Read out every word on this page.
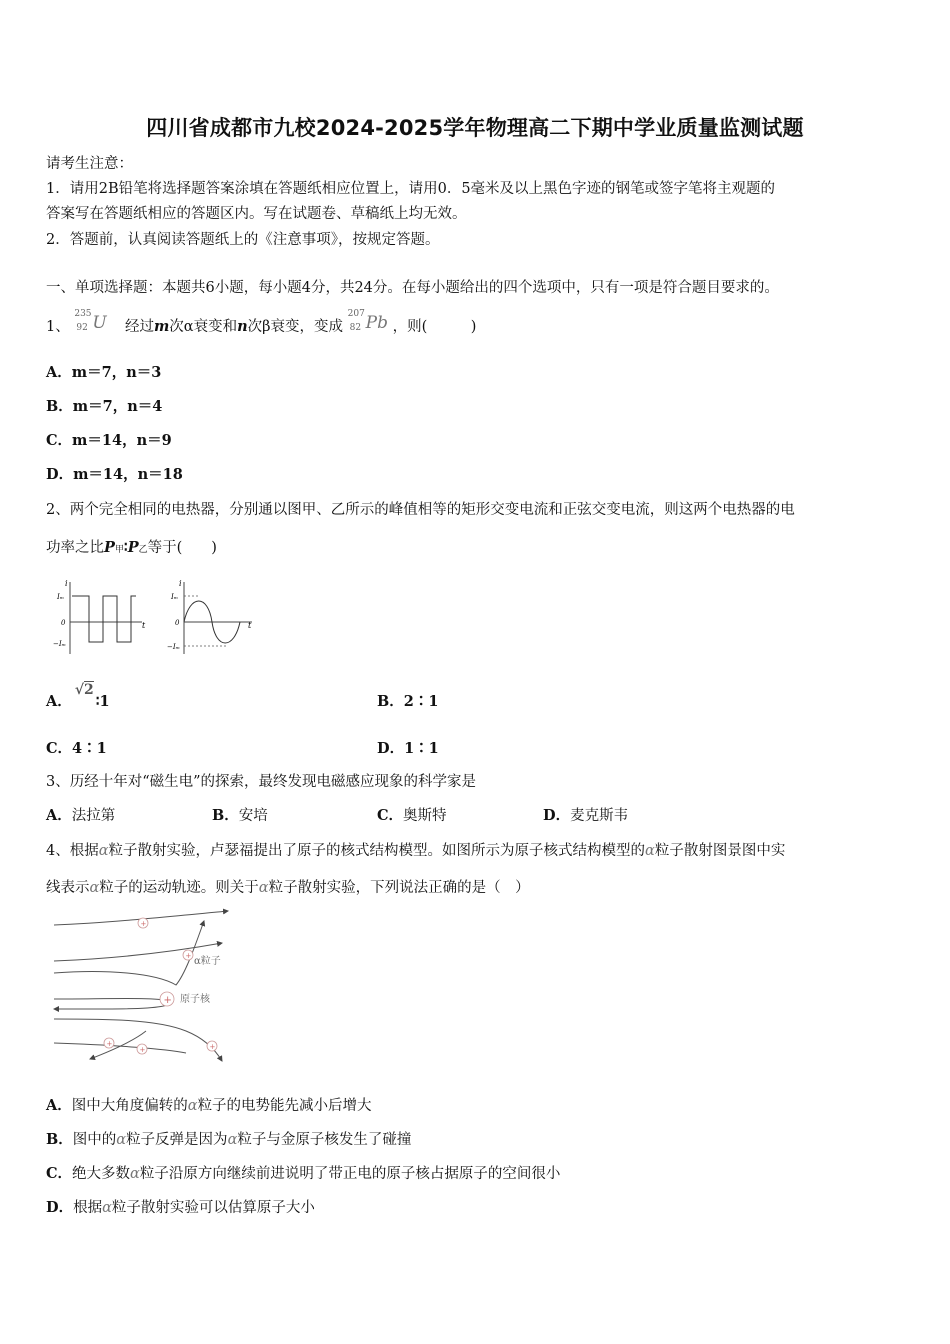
四川省成都市九校2024-2025学年物理高二下期中学业质量监测试题
请考生注意：
1．请用2B铅笔将选择题答案涂填在答题纸相应位置上，请用0．5毫米及以上黑色字迹的钢笔或签字笔将主观题的
答案写在答题纸相应的答题区内。写在试题卷、草稿纸上均无效。
2．答题前，认真阅读答题纸上的《注意事项》，按规定答题。
一、单项选择题：本题共6小题，每小题4分，共24分。在每小题给出的四个选项中，只有一项是符合题目要求的。
1、
235
92 U 经过m次α衰变和n次β衰变，变成
207
82 Pb ，则(　　　)
A．m＝7，n＝3
B．m＝7，n＝4
C．m＝14，n＝9
D．m＝14，n＝18
2、两个完全相同的电热器，分别通以图甲、乙所示的峰值相等的矩形交变电流和正弦交变电流，则这两个电热器的电
功率之比P甲∶P乙等于(　　)
i
Iₘ
0
−Iₘ
t
i
Iₘ
0
−Iₘ
t
A． √2∶1	B．2∶1
C．4∶1	D．1∶1
3、历经十年对“磁生电”的探索，最终发现电磁感应现象的科学家是
A．法拉第	B．安培	C．奥斯特	D．麦克斯韦
4、根据α粒子散射实验，卢瑟福提出了原子的核式结构模型。如图所示为原子核式结构模型的α粒子散射图景图中实
线表示α粒子的运动轨迹。则关于α粒子散射实验，下列说法正确的是（　）
+
+
+
+	+
+
α粒子
原子核
A．图中大角度偏转的α粒子的电势能先减小后增大
B．图中的α粒子反弹是因为α粒子与金原子核发生了碰撞
C．绝大多数α粒子沿原方向继续前进说明了带正电的原子核占据原子的空间很小
D．根据α粒子散射实验可以估算原子大小
